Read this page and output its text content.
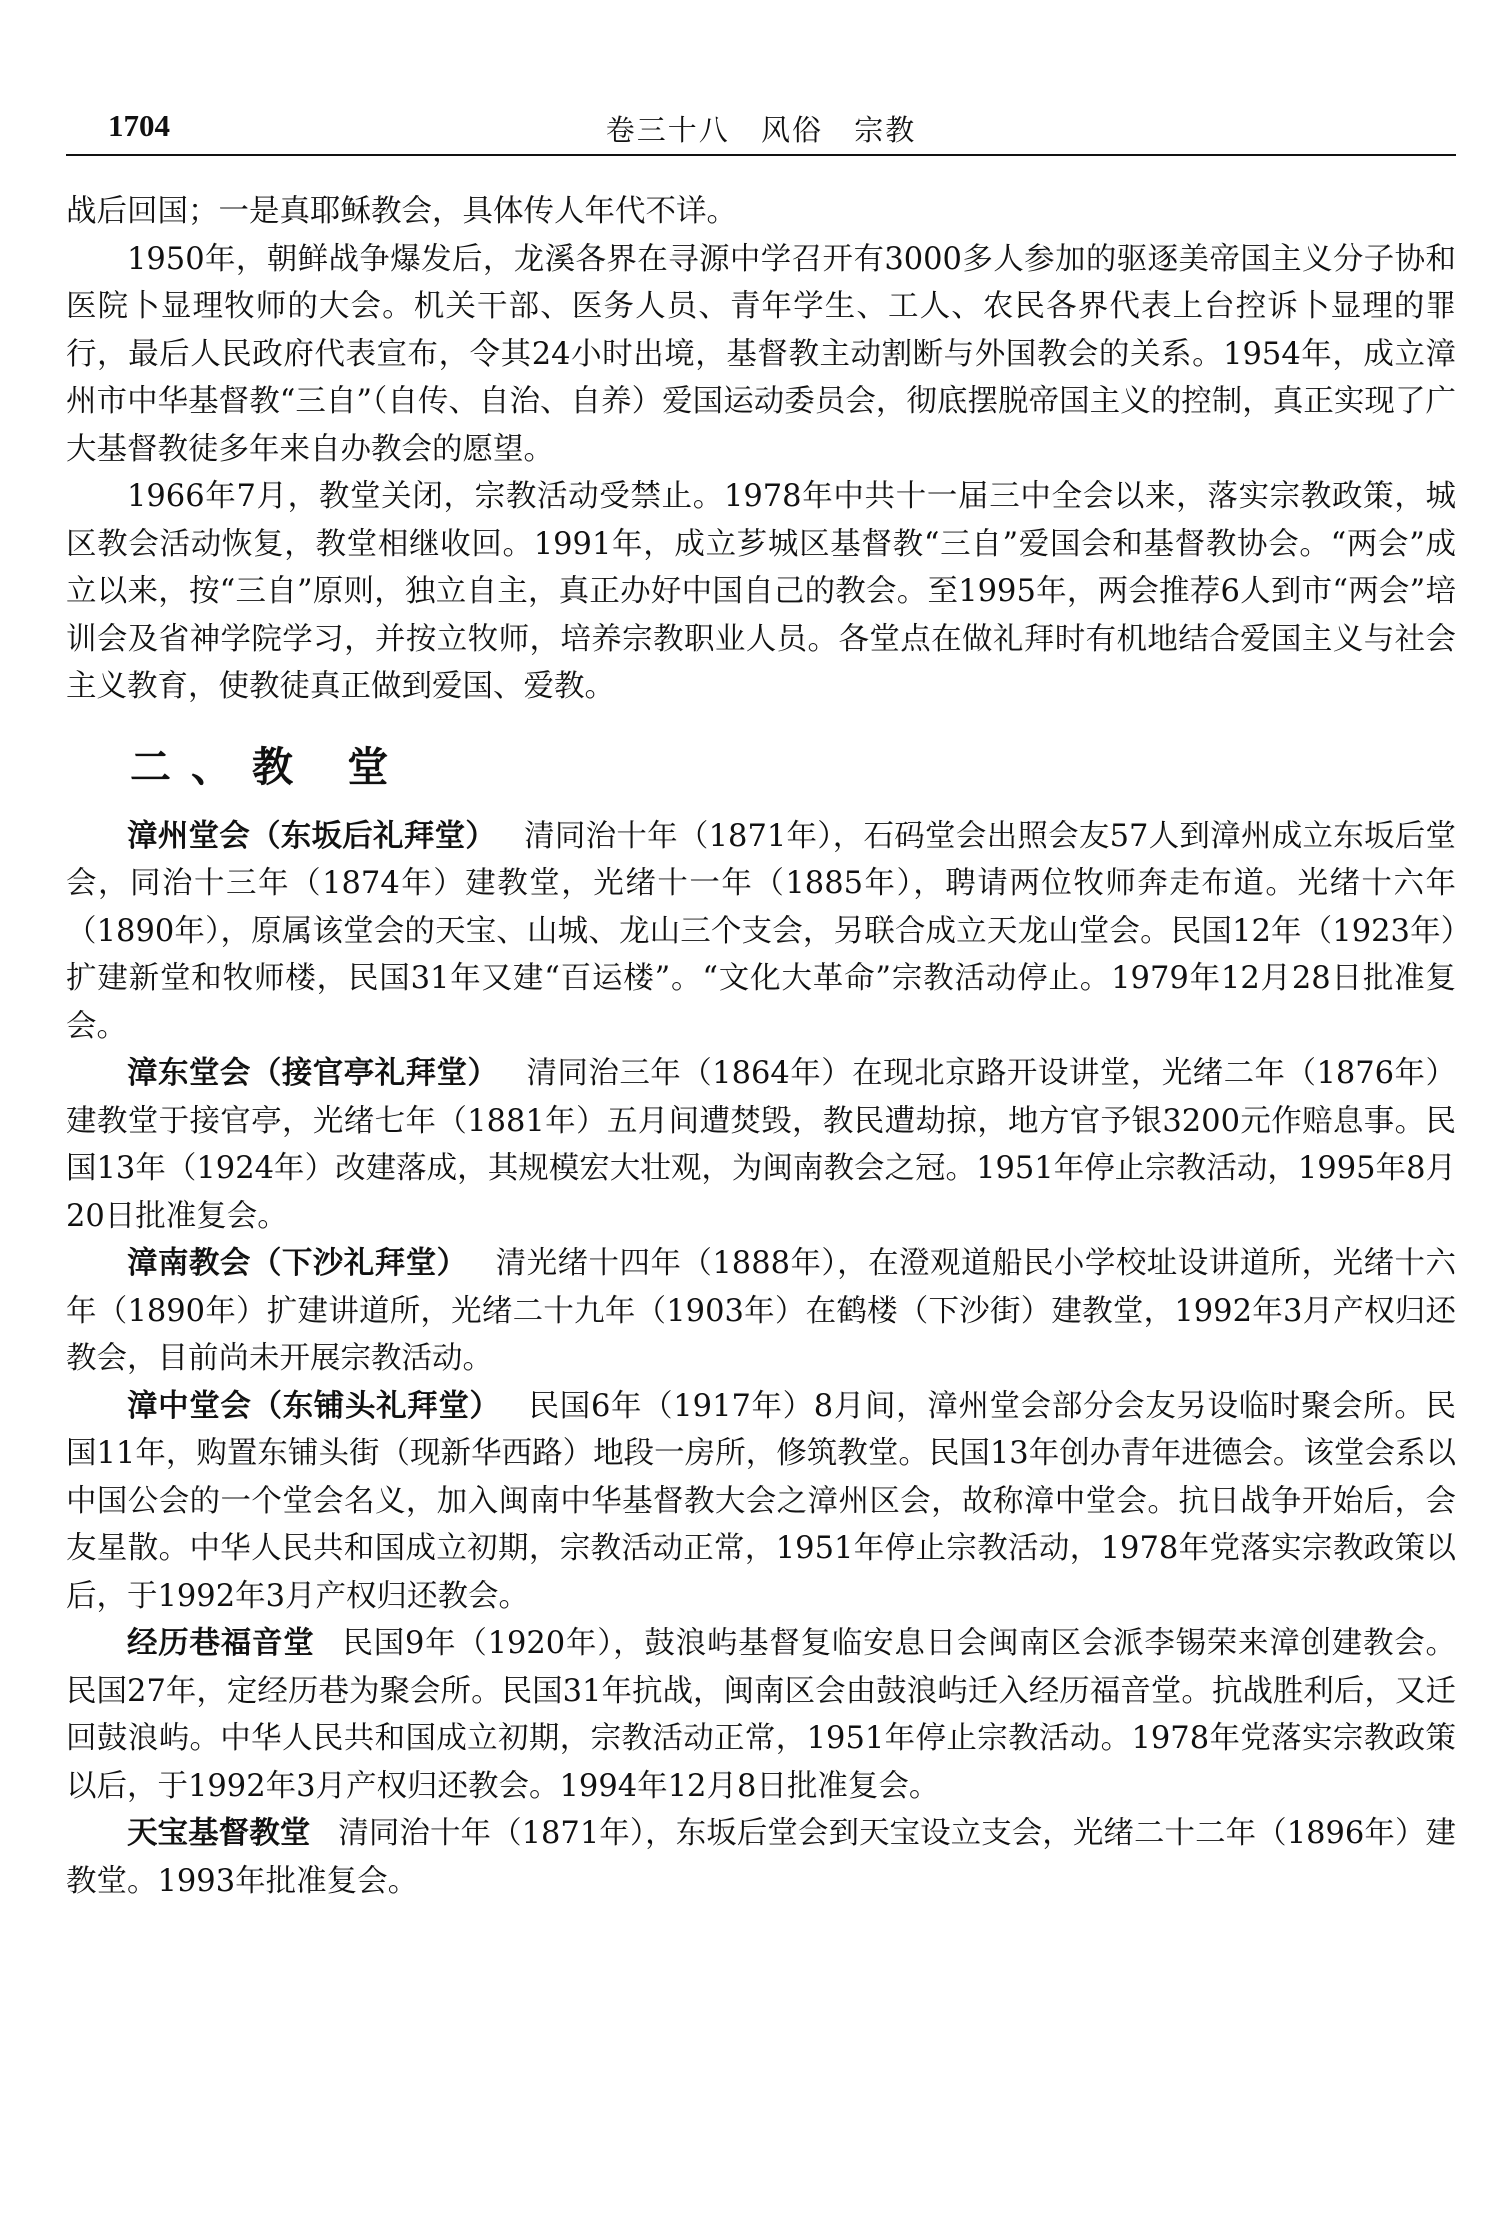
1704	卷三十八 风俗 宗教

战后回国；一是真耶稣教会，具体传人年代不详。

1950年，朝鲜战争爆发后，龙溪各界在寻源中学召开有3000多人参加的驱逐美帝国主义分子协和医院卜显理牧师的大会。机关干部、医务人员、青年学生、工人、农民各界代表上台控诉卜显理的罪行，最后人民政府代表宣布，令其24小时出境，基督教主动割断与外国教会的关系。1954年，成立漳州市中华基督教“三自”（自传、自治、自养）爱国运动委员会，彻底摆脱帝国主义的控制，真正实现了广大基督教徒多年来自办教会的愿望。

1966年7月，教堂关闭，宗教活动受禁止。1978年中共十一届三中全会以来，落实宗教政策，城区教会活动恢复，教堂相继收回。1991年，成立芗城区基督教“三自”爱国会和基督教协会。“两会”成立以来，按“三自”原则，独立自主，真正办好中国自己的教会。至1995年，两会推荐6人到市“两会”培训会及省神学院学习，并按立牧师，培养宗教职业人员。各堂点在做礼拜时有机地结合爱国主义与社会主义教育，使教徒真正做到爱国、爱教。

二、教 堂

漳州堂会（东坂后礼拜堂） 清同治十年（1871年），石码堂会出照会友57人到漳州成立东坂后堂会，同治十三年（1874年）建教堂，光绪十一年（1885年），聘请两位牧师奔走布道。光绪十六年（1890年），原属该堂会的天宝、山城、龙山三个支会，另联合成立天龙山堂会。民国12年（1923年）扩建新堂和牧师楼，民国31年又建“百运楼”。“文化大革命”宗教活动停止。1979年12月28日批准复会。

漳东堂会（接官亭礼拜堂） 清同治三年（1864年）在现北京路开设讲堂，光绪二年（1876年）建教堂于接官亭，光绪七年（1881年）五月间遭焚毁，教民遭劫掠，地方官予银3200元作赔息事。民国13年（1924年）改建落成，其规模宏大壮观，为闽南教会之冠。1951年停止宗教活动，1995年8月20日批准复会。

漳南教会（下沙礼拜堂） 清光绪十四年（1888年），在澄观道船民小学校址设讲道所，光绪十六年（1890年）扩建讲道所，光绪二十九年（1903年）在鹤楼（下沙街）建教堂，1992年3月产权归还教会，目前尚未开展宗教活动。

漳中堂会（东铺头礼拜堂） 民国6年（1917年）8月间，漳州堂会部分会友另设临时聚会所。民国11年，购置东铺头街（现新华西路）地段一房所，修筑教堂。民国13年创办青年进德会。该堂会系以中国公会的一个堂会名义，加入闽南中华基督教大会之漳州区会，故称漳中堂会。抗日战争开始后，会友星散。中华人民共和国成立初期，宗教活动正常，1951年停止宗教活动，1978年党落实宗教政策以后，于1992年3月产权归还教会。

经历巷福音堂 民国9年（1920年），鼓浪屿基督复临安息日会闽南区会派李锡荣来漳创建教会。民国27年，定经历巷为聚会所。民国31年抗战，闽南区会由鼓浪屿迁入经历福音堂。抗战胜利后，又迁回鼓浪屿。中华人民共和国成立初期，宗教活动正常，1951年停止宗教活动。1978年党落实宗教政策以后，于1992年3月产权归还教会。1994年12月8日批准复会。

天宝基督教堂 清同治十年（1871年），东坂后堂会到天宝设立支会，光绪二十二年（1896年）建教堂。1993年批准复会。
